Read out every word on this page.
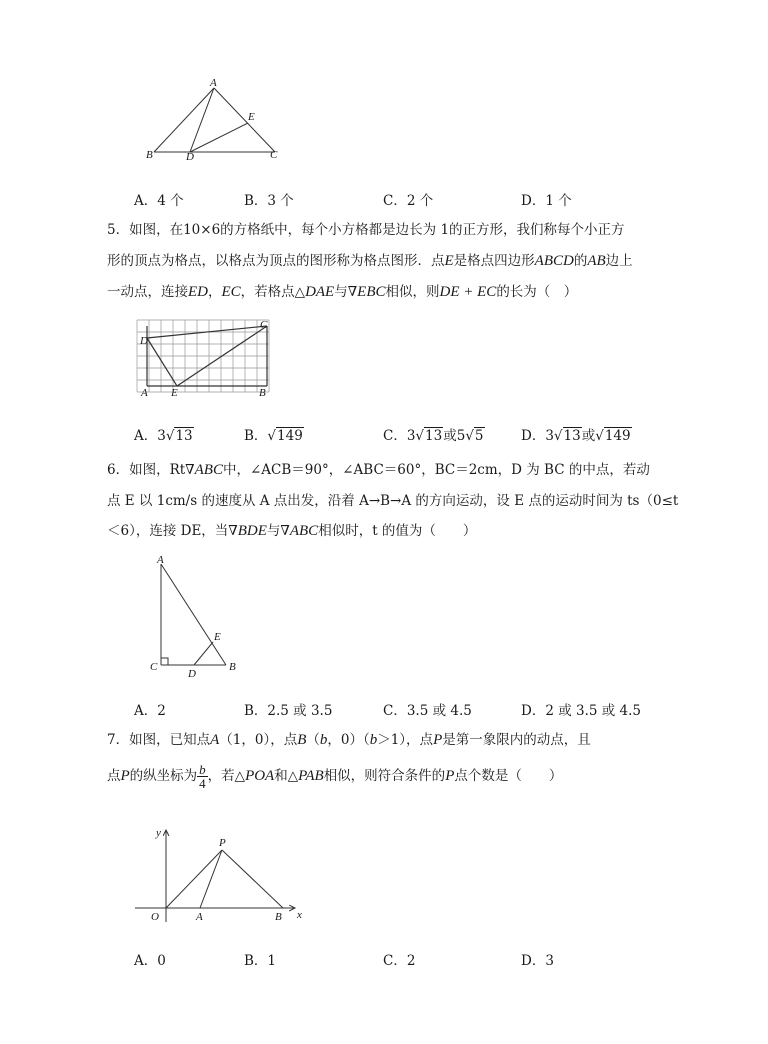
A
B	C
D
E
A．4 个	B．3 个	C．2 个	D．1 个
5．如图，在10×6的方格纸中，每个小方格都是边长为 1的正方形，我们称每个小正方
形的顶点为格点，以格点为顶点的图形称为格点图形．点E是格点四边形ABCD的AB边上
一动点，连接ED，EC，若格点△DAE与∇EBC相似，则DE + EC的长为（　）
A	B
C
D
E
A．3√13	B．√149	C．3√13或5√5	D．3√13或√149
6．如图，Rt∇ABC中，∠ACB＝90°，∠ABC＝60°，BC＝2cm，D 为 BC 的中点，若动
点 E 以 1cm/s 的速度从 A 点出发，沿着 A→B→A 的方向运动，设 E 点的运动时间为 ts（0≤t
＜6），连接 DE，当∇BDE与∇ABC相似时，t 的值为（　　）
A
C	B
D
E
A．2	B．2.5 或 3.5	C．3.5 或 4.5	D．2 或 3.5 或 4.5
7．如图，已知点A（1，0），点B（b，0）（b＞1），点P是第一象限内的动点，且
点P的纵坐标为 $\frac{b}{4}$ ，若△POA和△PAB相似，则符合条件的P点个数是（　　）
y
x
O	A	B
P
A．0	B．1	C．2	D．3
